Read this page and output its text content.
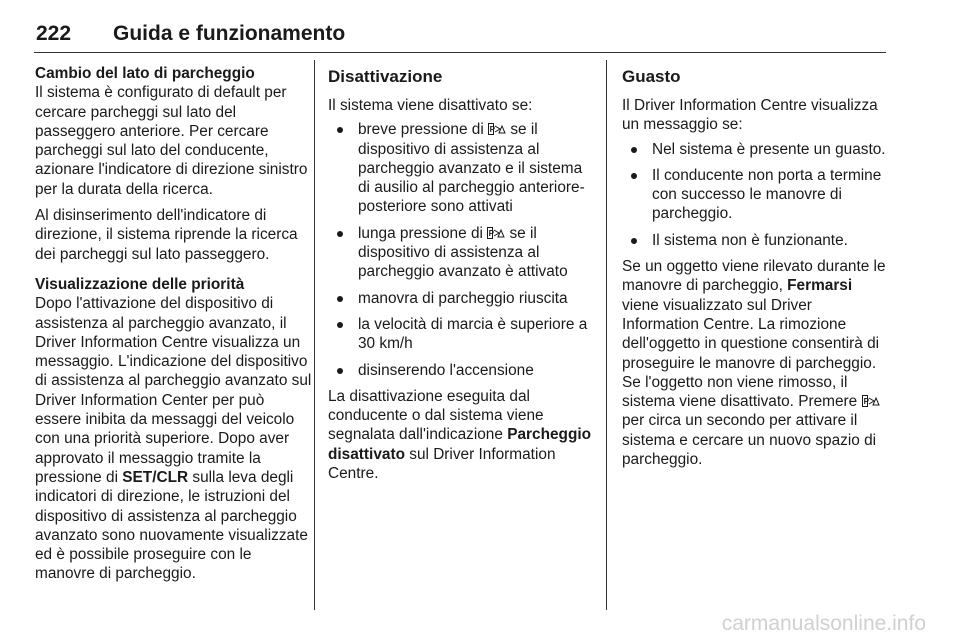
222 Guida e funzionamento
Cambio del lato di parcheggio

Il sistema è configurato di default per cercare parcheggi sul lato del passeggero anteriore. Per cercare parcheggi sul lato del conducente, azionare l'indicatore di direzione sinistro per la durata della ricerca.

Al disinserimento dell'indicatore di direzione, il sistema riprende la ricerca dei parcheggi sul lato passeggero.

Visualizzazione delle priorità

Dopo l'attivazione del dispositivo di assistenza al parcheggio avanzato, il Driver Information Centre visualizza un messaggio. L'indicazione del dispositivo di assistenza al parcheggio avanzato sul Driver Information Center per può essere inibita da messaggi del veicolo con una priorità superiore. Dopo aver approvato il messaggio tramite la pressione di SET/CLR sulla leva degli indicatori di direzione, le istruzioni del dispositivo di assistenza al parcheggio avanzato sono nuovamente visualizzate ed è possibile proseguire con le manovre di parcheggio.

Disattivazione

Il sistema viene disattivato se:

breve pressione di P se il dispositivo di assistenza al parcheggio avanzato e il sistema di ausilio al parcheggio anteriore-posteriore sono attivati
lunga pressione di P se il dispositivo di assistenza al parcheggio avanzato è attivato
manovra di parcheggio riuscita
la velocità di marcia è superiore a 30 km/h
disinserendo l'accensione

La disattivazione eseguita dal conducente o dal sistema viene segnalata dall'indicazione Parcheggio disattivato sul Driver Information Centre.

Guasto

Il Driver Information Centre visualizza un messaggio se:

Nel sistema è presente un guasto.
Il conducente non porta a termine con successo le manovre di parcheggio.
Il sistema non è funzionante.

Se un oggetto viene rilevato durante le manovre di parcheggio, Fermarsi viene visualizzato sul Driver Information Centre. La rimozione dell'oggetto in questione consentirà di proseguire le manovre di parcheggio. Se l'oggetto non viene rimosso, il sistema viene disattivato. Premere P
per circa un secondo per attivare il sistema e cercare un nuovo spazio di parcheggio.

carmanualsonline.info
